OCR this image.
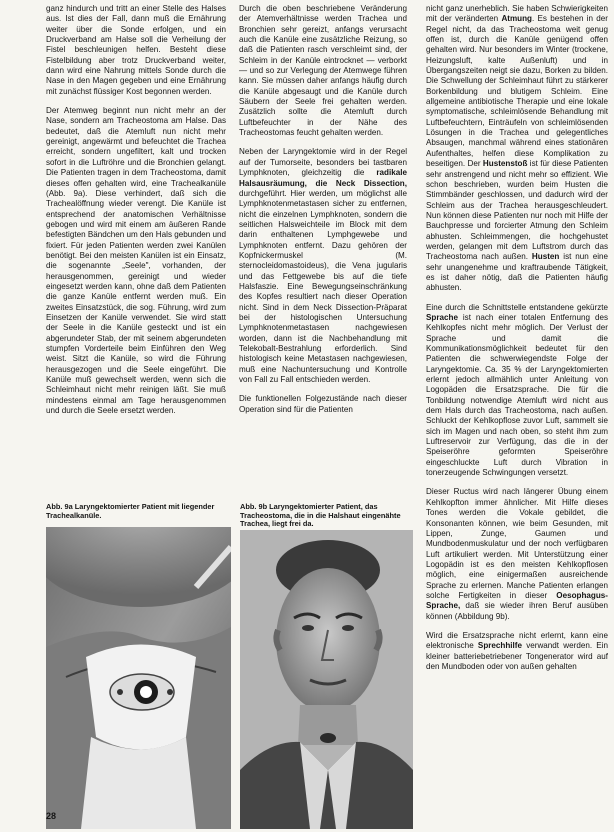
ganz hindurch und tritt an einer Stelle des Halses aus. Ist dies der Fall, dann muß die Ernährung weiter über die Sonde erfolgen, und ein Druckverband am Halse soll die Verheilung der Fistel beschleunigen helfen. Besteht diese Fistelbildung aber trotz Druckverband weiter, dann wird eine Nahrung mittels Sonde durch die Nase in den Magen gegeben und eine Ernährung mit zunächst flüssiger Kost begonnen werden.

Der Atemweg beginnt nun nicht mehr an der Nase, sondern am Tracheostoma am Halse. Das bedeutet, daß die Atemluft nun nicht mehr gereinigt, angewärmt und befeuchtet die Trachea erreicht, sondern ungefiltert, kalt und trocken sofort in die Luftröhre und die Bronchien gelangt. Die Patienten tragen in dem Tracheostoma, damit dieses offen gehalten wird, eine Trachealkanüle (Abb. 9a). Diese verhindert, daß sich die Trachealöffnung wieder verengt. Die Kanüle ist entsprechend der anatomischen Verhältnisse gebogen und wird mit einem am äußeren Rande befestigten Bändchen um den Hals gebunden und fixiert. Für jeden Patienten werden zwei Kanülen benötigt. Bei den meisten Kanülen ist ein Einsatz, die sogenannte „Seele", vorhanden, der herausgenommen, gereinigt und wieder eingesetzt werden kann, ohne daß dem Patienten die ganze Kanüle entfernt werden muß. Ein zweites Einsatzstück, die sog. Führung, wird zum Einsetzen der Kanüle verwendet. Sie wird statt der Seele in die Kanüle gesteckt und ist ein abgerundeter Stab, der mit seinem abgerundeten stumpfen Vorderteile beim Einführen den Weg weist. Sitzt die Kanüle, so wird die Führung herausgezogen und die Seele eingeführt. Die Kanüle muß gewechselt werden, wenn sich die Schleimhaut nicht mehr reinigen läßt. Sie muß mindestens einmal am Tage herausgenommen und durch die Seele ersetzt werden.

Durch die oben beschriebene Veränderung der Atemverhältnisse werden Trachea und Bronchien sehr gereizt, anfangs verursacht auch die Kanüle eine zusätzliche Reizung, so daß die Patienten rasch verschleimt sind, der Schleim in der Kanüle eintrocknet — verborkt — und so zur Verlegung der Atemwege führen kann. Sie müssen daher anfangs häufig durch die Kanüle abgesaugt und die Kanüle durch Säubern der Seele frei gehalten werden. Zusätzlich sollte die Atemluft durch Luftbefeuchter in der Nähe des Tracheostomas feucht gehalten werden.

Neben der Laryngektomie wird in der Regel auf der Tumorseite, besonders bei tastbaren Lymphknoten, gleichzeitig die radikale Halsausräumung, die Neck Dissection, durchgeführt. Hier werden, um möglichst alle Lymphknotenmetastasen sicher zu entfernen, nicht die einzelnen Lymphknoten, sondern die seitlichen Halsweichteile im Block mit dem darin enthaltenen Lymphgewebe und Lymphknoten entfernt. Dazu gehören der Kopfnickermuskel (M. sternocleidomastoideus), die Vena jugularis und das Fettgewebe bis auf die tiefe Halsfaszie. Eine Bewegungseinschränkung des Kopfes resultiert nach dieser Operation nicht. Sind in dem Neck Dissection-Präparat bei der histologischen Untersuchung Lymphknotenmetastasen nachgewiesen worden, dann ist die Nachbehandlung mit Telekobalt-Bestrahlung erforderlich. Sind histologisch keine Metastasen nachgewiesen, muß eine Nachuntersuchung und Kontrolle von Fall zu Fall entschieden werden.

Die funktionellen Folgezustände nach dieser Operation sind für die Patienten

nicht ganz unerheblich. Sie haben Schwierigkeiten mit der veränderten Atmung. Es bestehen in der Regel nicht, da das Tracheostoma weit genug offen ist, durch die Kanüle genügend offen gehalten wird. Nur besonders im Winter (trockene, Heizungsluft, kalte Außenluft) und in Übergangszeiten neigt sie dazu, Borken zu bilden. Die Schwellung der Schleimhaut führt zu stärkerer Borkenbildung und blutigem Schleim. Eine allgemeine antibiotische Therapie und eine lokale symptomatische, schleimlösende Behandlung mit Luftbefeuchtern, Einträufeln von schleimlösenden Lösungen in die Trachea und gelegentliches Absaugen, manchmal während eines stationären Aufenthaltes, helfen diese Komplikation zu beseitigen. Der Hustenstoß ist für diese Patienten sehr anstrengend und nicht mehr so effizient. Wie schon beschrieben, wurden beim Husten die Stimmbänder geschlossen, und dadurch wird der Schleim aus der Trachea herausgeschleudert. Nun können diese Patienten nur noch mit Hilfe der Bauchpresse und forcierter Atmung den Schleim abhusten. Schleimmengen, die hochgehustet werden, gelangen mit dem Luftstrom durch das Tracheostoma nach außen. Husten ist nun eine sehr unangenehme und kraftraubende Tätigkeit, es ist daher nötig, daß die Patienten häufig abhusten.

Eine durch die Schnittstelle entstandene gekürzte Sprache ist nach einer totalen Entfernung des Kehlkopfes nicht mehr möglich. Der Verlust der Sprache und damit die Kommunikationsmöglichkeit bedeutet für den Patienten die schwerwiegendste Folge der Laryngektomie. Ca. 35 % der Laryngektomierten erlernt jedoch allmählich unter Anleitung von Logopäden die Ersatzsprache. Die für die Tonbildung notwendige Atemluft wird nicht aus dem Hals durch das Tracheostoma, nach außen. Schluckt der Kehlkopflose zuvor Luft, sammelt sie sich im Magen und nach oben, so steht ihm zum Luftreservoir zur Verfügung, das die in der Speiseröhre geformten Speiseröhre eingeschluckte Luft durch Vibration in tonerzeugende Schwingungen versetzt.

Dieser Ructus wird nach längerer Übung einem Kehlkopfton immer ähnlicher. Mit Hilfe dieses Tones werden die Vokale gebildet, die Konsonanten können, wie beim Gesunden, mit Lippen, Zunge, Gaumen und Mundbodenmuskulatur und der noch verfügbaren Luft artikuliert werden. Mit Unterstützung einer Logopädin ist es den meisten Kehlkopflosen möglich, eine einigermaßen ausreichende Sprache zu erlernen. Manche Patienten erlangen solche Fertigkeiten in dieser Oesophagus-Sprache, daß sie wieder ihren Beruf ausüben können (Abbildung 9b).

Wird die Ersatzsprache nicht erlernt, kann eine elektronische Sprechhilfe verwandt werden. Ein kleiner batteriebetriebener Tongenerator wird auf den Mundboden oder von außen gehalten

Abb. 9a Laryngektomierter Patient mit liegender Trachealkanüle.
Abb. 9b Laryngektomierter Patient, das Tracheostoma, die in die Halshaut eingenähte Trachea, liegt frei da.
28
